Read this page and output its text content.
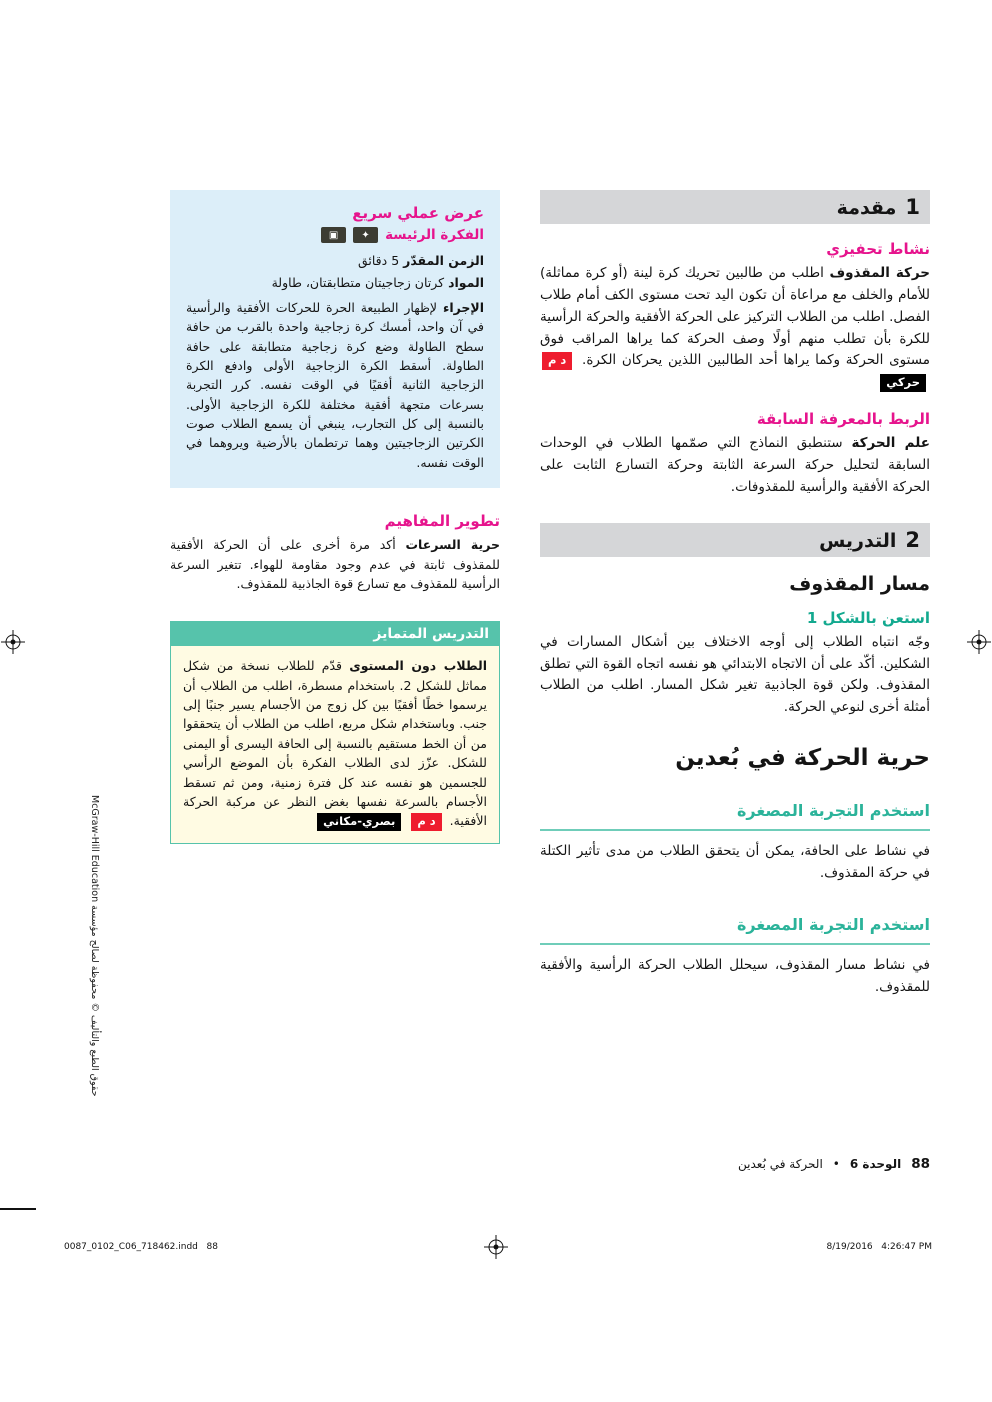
1
مقدمة
نشاط تحفيزي

حركة المقذوف اطلب من طالبين تحريك كرة لينة (أو كرة مماثلة) للأمام والخلف مع مراعاة أن تكون اليد تحت مستوى الكف أمام طلاب الفصل. اطلب من الطلاب التركيز على الحركة الأفقية والحركة الرأسية للكرة بأن تطلب منهم أولًا وصف الحركة كما يراها المراقب فوق مستوى الحركة وكما يراها أحد الطالبين اللذين يحركان الكرة. د م حركي

الربط بالمعرفة السابقة

علم الحركة ستنطبق النماذج التي صمّمها الطلاب في الوحدات السابقة لتحليل حركة السرعة الثابتة وحركة التسارع الثابت على الحركة الأفقية والرأسية للمقذوفات.

2
التدريس
مسار المقذوف
استعن بالشكل 1

وجّه انتباه الطلاب إلى أوجه الاختلاف بين أشكال المسارات في الشكلين. أكّد على أن الاتجاه الابتدائي هو نفسه اتجاه القوة التي تطلق المقذوف. ولكن قوة الجاذبية تغير شكل المسار. اطلب من الطلاب أمثلة أخرى لنوعي الحركة.

حرية الحركة في بُعدين
استخدم التجربة المصغرة

في نشاط على الحافة، يمكن أن يتحقق الطلاب من مدى تأثير الكتلة في حركة المقذوف.

استخدم التجربة المصغرة

في نشاط مسار المقذوف، سيحلل الطلاب الحركة الرأسية والأفقية للمقذوف.

عرض عملي سريع
الفكرة الرئيسة
✦
▣
الزمن المقدّر 5 دقائق
المواد كرتان زجاجيتان متطابقتان، طاولة

الإجراء لإظهار الطبيعة الحرة للحركات الأفقية والرأسية في آن واحد، أمسك كرة زجاجية واحدة بالقرب من حافة سطح الطاولة وضع كرة زجاجية متطابقة على حافة الطاولة. أسقط الكرة الزجاجية الأولى وادفع الكرة الزجاجية الثانية أفقيًا في الوقت نفسه. كرر التجربة بسرعات متجهة أفقية مختلفة للكرة الزجاجية الأولى. بالنسبة إلى كل التجارب، ينبغي أن يسمع الطلاب صوت الكرتين الزجاجيتين وهما ترتطمان بالأرضية ويروهما في الوقت نفسه.

تطوير المفاهيم

حرية السرعات أكد مرة أخرى على أن الحركة الأفقية للمقذوف ثابتة في عدم وجود مقاومة للهواء. تتغير السرعة الرأسية للمقذوف مع تسارع قوة الجاذبية للمقذوف.

التدريس المتمايز

الطلاب دون المستوى قدّم للطلاب نسخة من شكل مماثل للشكل 2. باستخدام مسطرة، اطلب من الطلاب أن يرسموا خطًا أفقيًا بين كل زوج من الأجسام يسير جنبًا إلى جنب. وباستخدام شكل مربع، اطلب من الطلاب أن يتحققوا من أن الخط مستقيم بالنسبة إلى الحافة اليسرى أو اليمنى للشكل. عزّز لدى الطلاب الفكرة بأن الموضع الرأسي للجسمين هو نفسه عند كل فترة زمنية، ومن ثم تسقط الأجسام بالسرعة نفسها بغض النظر عن مركبة الحركة الأفقية. د م بصري-مكاني

88
الوحدة 6
•
الحركة في بُعدين
حقوق الطبع والتأليف © محفوظة لصالح مؤسسة McGraw-Hill Education
0087_0102_C06_718462.indd   88	8/19/2016   4:26:47 PM
